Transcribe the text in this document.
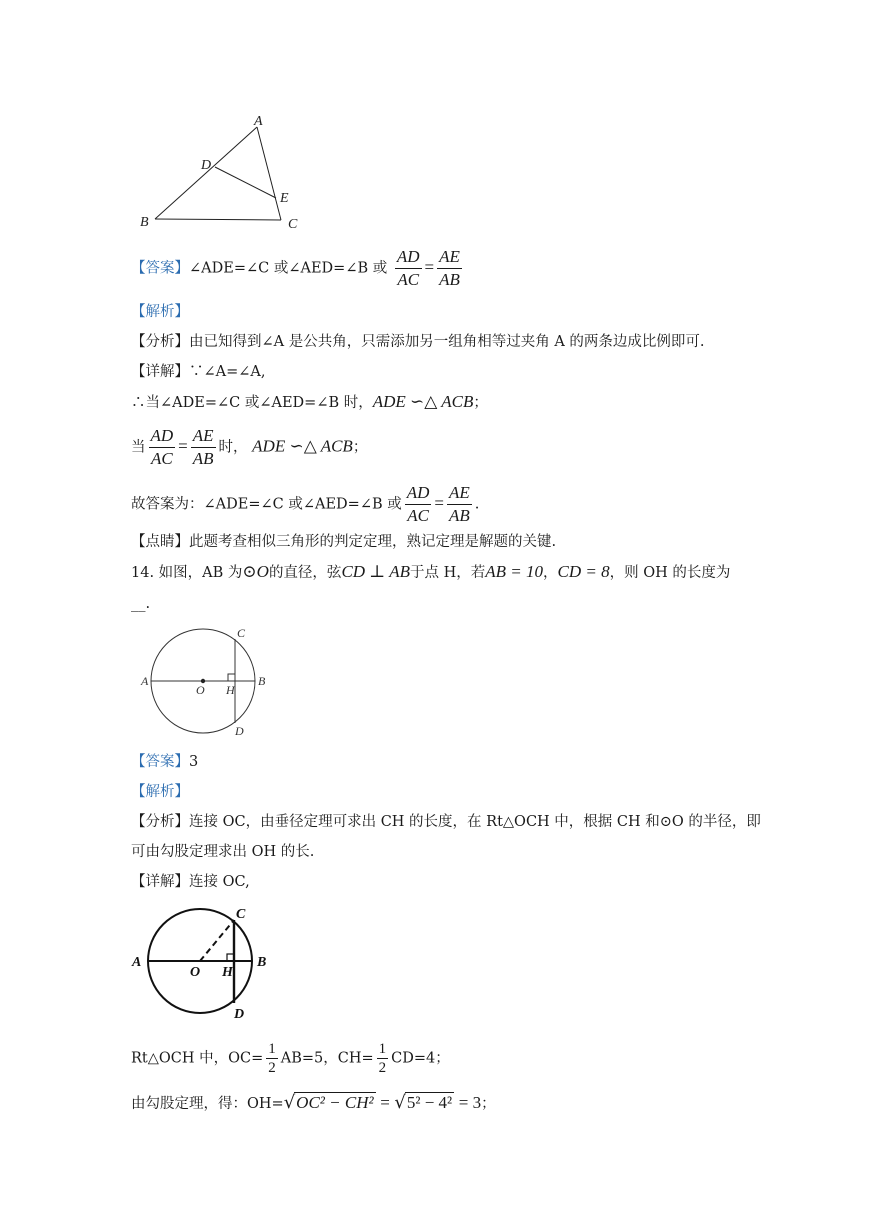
A
D
E
B	C
【答案】∠ADE=∠C 或∠AED=∠B 或 $\frac{AD}{AC} = \frac{AE}{AB}$
【解析】
【分析】由已知得到∠A 是公共角，只需添加另一组角相等过夹角 A 的两条边成比例即可.
【详解】∵∠A=∠A,
∴当∠ADE=∠C 或∠AED=∠B 时，ADE ∽△ ACB；
当 $\frac{AD}{AC} = \frac{AE}{AB}$ 时， ADE ∽△ ACB；
故答案为：∠ADE=∠C 或∠AED=∠B 或 $\frac{AD}{AC} = \frac{AE}{AB}$ .
【点睛】此题考查相似三角形的判定定理，熟记定理是解题的关键.
14. 如图，AB 为⊙O的直径，弦CD ⊥ AB于点 H，若AB = 10，CD = 8，则 OH 的长度为
__.
C
A
O H
B
D
【答案】3
【解析】
【分析】连接 OC，由垂径定理可求出 CH 的长度，在 Rt△OCH 中，根据 CH 和⊙O 的半径，即
可由勾股定理求出 OH 的长.
【详解】连接 OC,
C
A
O H
B
D
Rt△OCH 中，$OC= \frac{1}{2} AB=5$，$CH= \frac{1}{2} CD=4$；
由勾股定理，得：OH=√OC² − CH² = √5² − 4² = 3；
